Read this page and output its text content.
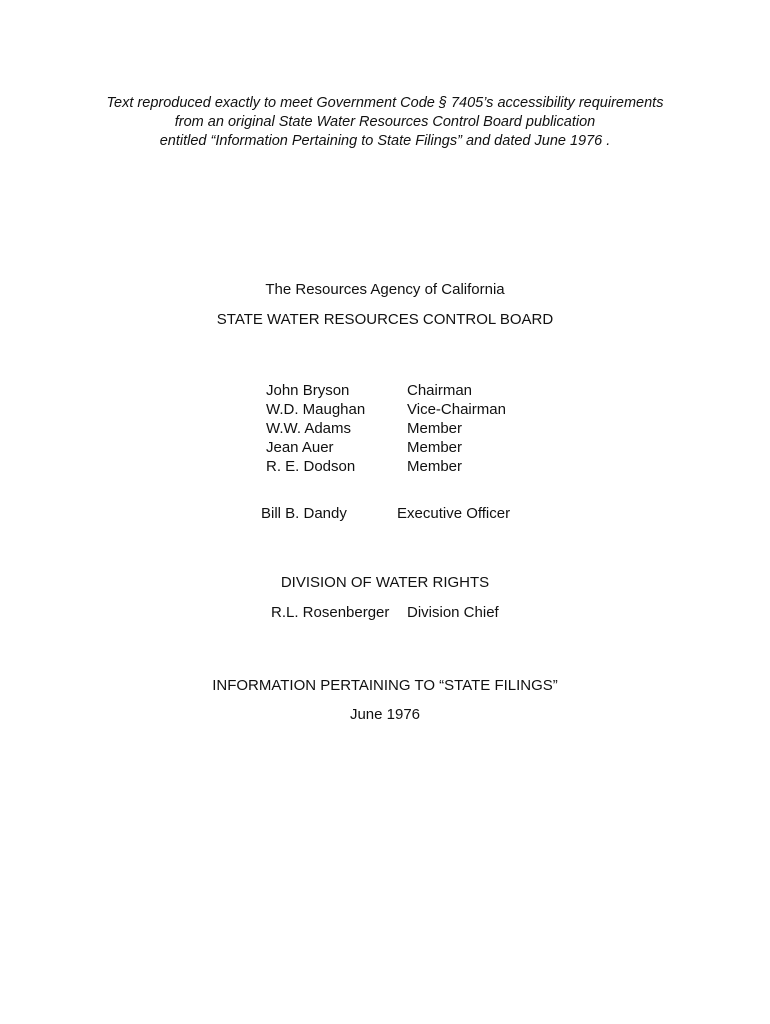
Text reproduced exactly to meet Government Code § 7405’s accessibility requirements
from an original State Water Resources Control Board publication
entitled “Information Pertaining to State Filings” and dated June 1976 .
The Resources Agency of California
STATE WATER RESOURCES CONTROL BOARD
John Bryson	Chairman
W.D. Maughan	Vice-Chairman
W.W. Adams	Member
Jean Auer	Member
R. E. Dodson	Member
Bill B. Dandy	Executive Officer
DIVISION OF WATER RIGHTS
R.L. Rosenberger Division Chief
INFORMATION PERTAINING TO “STATE FILINGS”
June 1976
